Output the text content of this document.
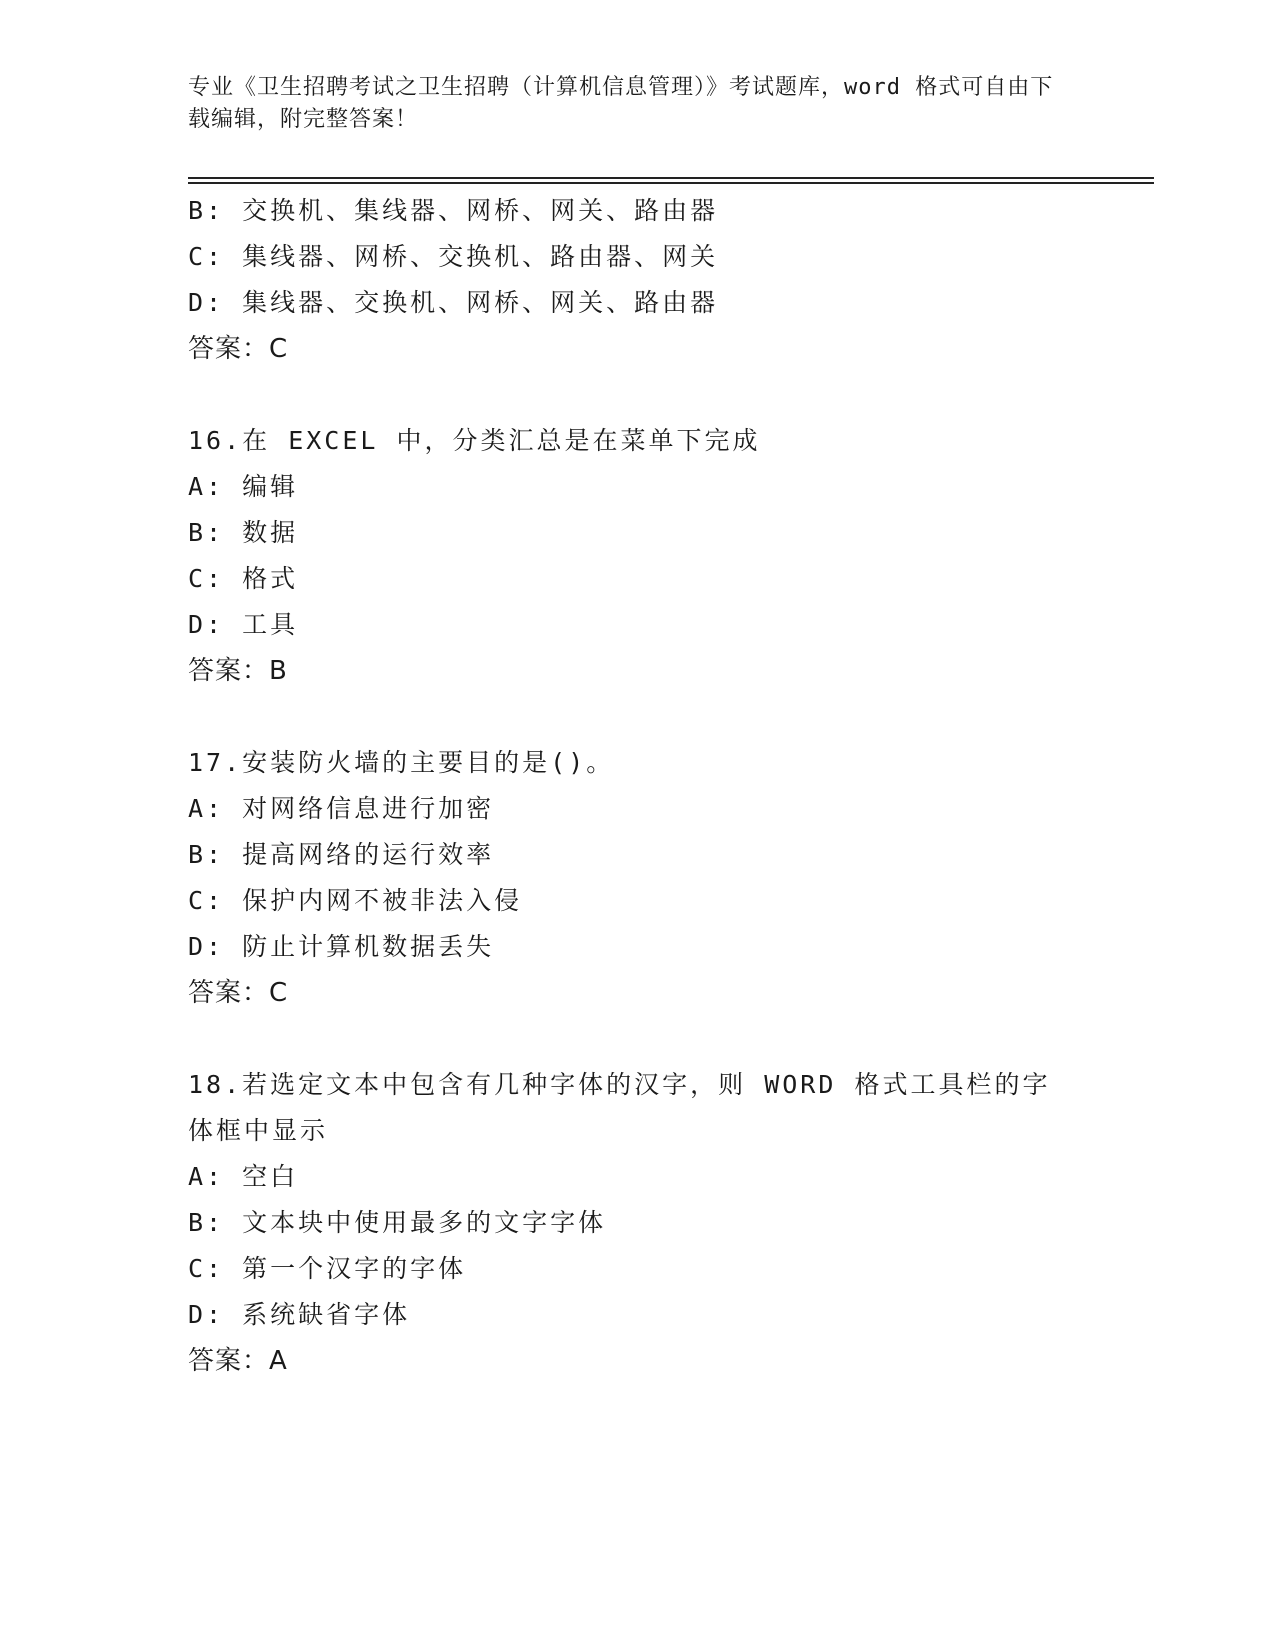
专业《卫生招聘考试之卫生招聘（计算机信息管理）》考试题库，word 格式可自由下载编辑，附完整答案！
B: 交换机、集线器、网桥、网关、路由器
C: 集线器、网桥、交换机、路由器、网关
D: 集线器、交换机、网桥、网关、路由器
答案：C
16.在 EXCEL 中，分类汇总是在菜单下完成
A: 编辑
B: 数据
C: 格式
D: 工具
答案：B
17.安装防火墙的主要目的是()。
A: 对网络信息进行加密
B: 提高网络的运行效率
C: 保护内网不被非法入侵
D: 防止计算机数据丢失
答案：C
18.若选定文本中包含有几种字体的汉字，则 WORD 格式工具栏的字体框中显示
A: 空白
B: 文本块中使用最多的文字字体
C: 第一个汉字的字体
D: 系统缺省字体
答案：A
